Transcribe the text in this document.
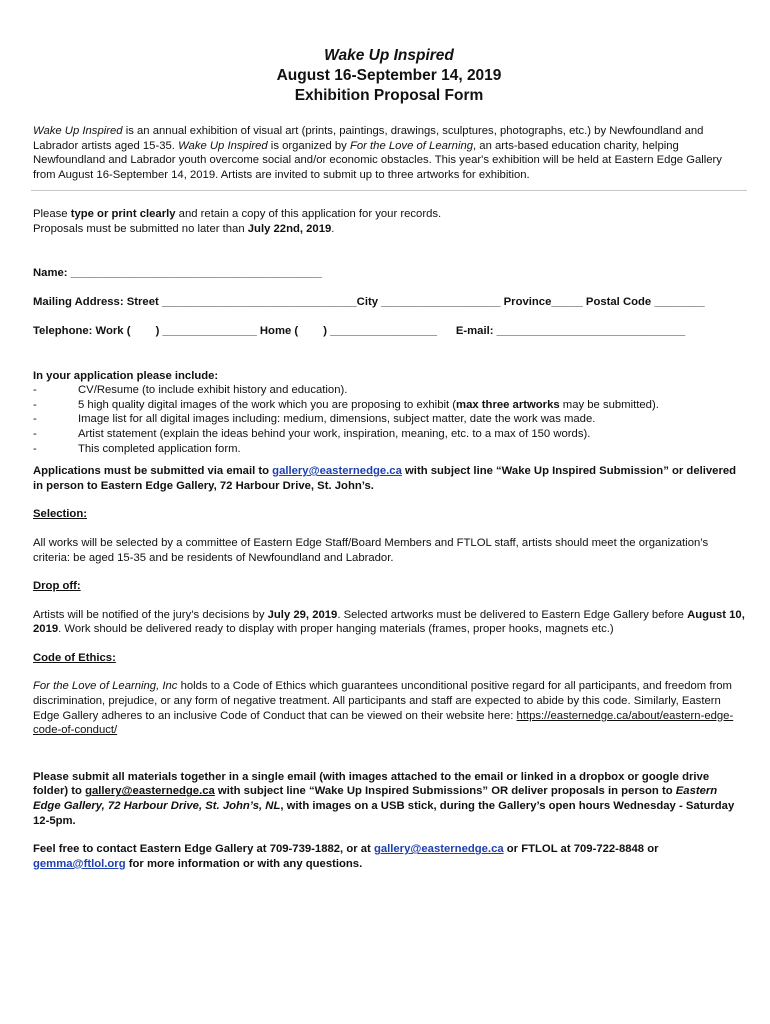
Wake Up Inspired

August 16-September 14, 2019

Exhibition Proposal Form

Wake Up Inspired is an annual exhibition of visual art (prints, paintings, drawings, sculptures, photographs, etc.) by Newfoundland and Labrador artists aged 15-35. Wake Up Inspired is organized by For the Love of Learning, an arts-based education charity, helping Newfoundland and Labrador youth overcome social and/or economic obstacles. This year's exhibition will be held at Eastern Edge Gallery from August 16-September 14, 2019. Artists are invited to submit up to three artworks for exhibition.

Please type or print clearly and retain a copy of this application for your records.

Proposals must be submitted no later than July 22nd, 2019.

Name: ________________________________________
Mailing Address: Street _______________________________City ___________________ Province_____ Postal Code ________
Telephone: Work (        ) _______________ Home (        ) _________________      E-mail: ______________________________

In your application please include:

-	CV/Resume (to include exhibit history and education).
-	5 high quality digital images of the work which you are proposing to exhibit (max three artworks may be submitted).
-	Image list for all digital images including: medium, dimensions, subject matter, date the work was made.
-	Artist statement (explain the ideas behind your work, inspiration, meaning, etc. to a max of 150 words).
-	This completed application form.

Applications must be submitted via email to gallery@easternedge.ca with subject line “Wake Up Inspired Submission” or delivered in person to Eastern Edge Gallery, 72 Harbour Drive, St. John’s.

Selection:

All works will be selected by a committee of Eastern Edge Staff/Board Members and FTLOL staff, artists should meet the organization’s criteria: be aged 15-35 and be residents of Newfoundland and Labrador.

Drop off:

Artists will be notified of the jury’s decisions by July 29, 2019. Selected artworks must be delivered to Eastern Edge Gallery before August 10, 2019. Work should be delivered ready to display with proper hanging materials (frames, proper hooks, magnets etc.)

Code of Ethics:

For the Love of Learning, Inc holds to a Code of Ethics which guarantees unconditional positive regard for all participants, and freedom from discrimination, prejudice, or any form of negative treatment. All participants and staff are expected to abide by this code. Similarly, Eastern Edge Gallery adheres to an inclusive Code of Conduct that can be viewed on their website here: https://easternedge.ca/about/eastern-edge-code-of-conduct/

Please submit all materials together in a single email (with images attached to the email or linked in a dropbox or google drive folder) to gallery@easternedge.ca with subject line “Wake Up Inspired Submissions” OR deliver proposals in person to Eastern Edge Gallery, 72 Harbour Drive, St. John’s, NL, with images on a USB stick, during the Gallery’s open hours Wednesday - Saturday 12-5pm.

Feel free to contact Eastern Edge Gallery at 709-739-1882, or at gallery@easternedge.ca or FTLOL at 709-722-8848 or gemma@ftlol.org for more information or with any questions.
